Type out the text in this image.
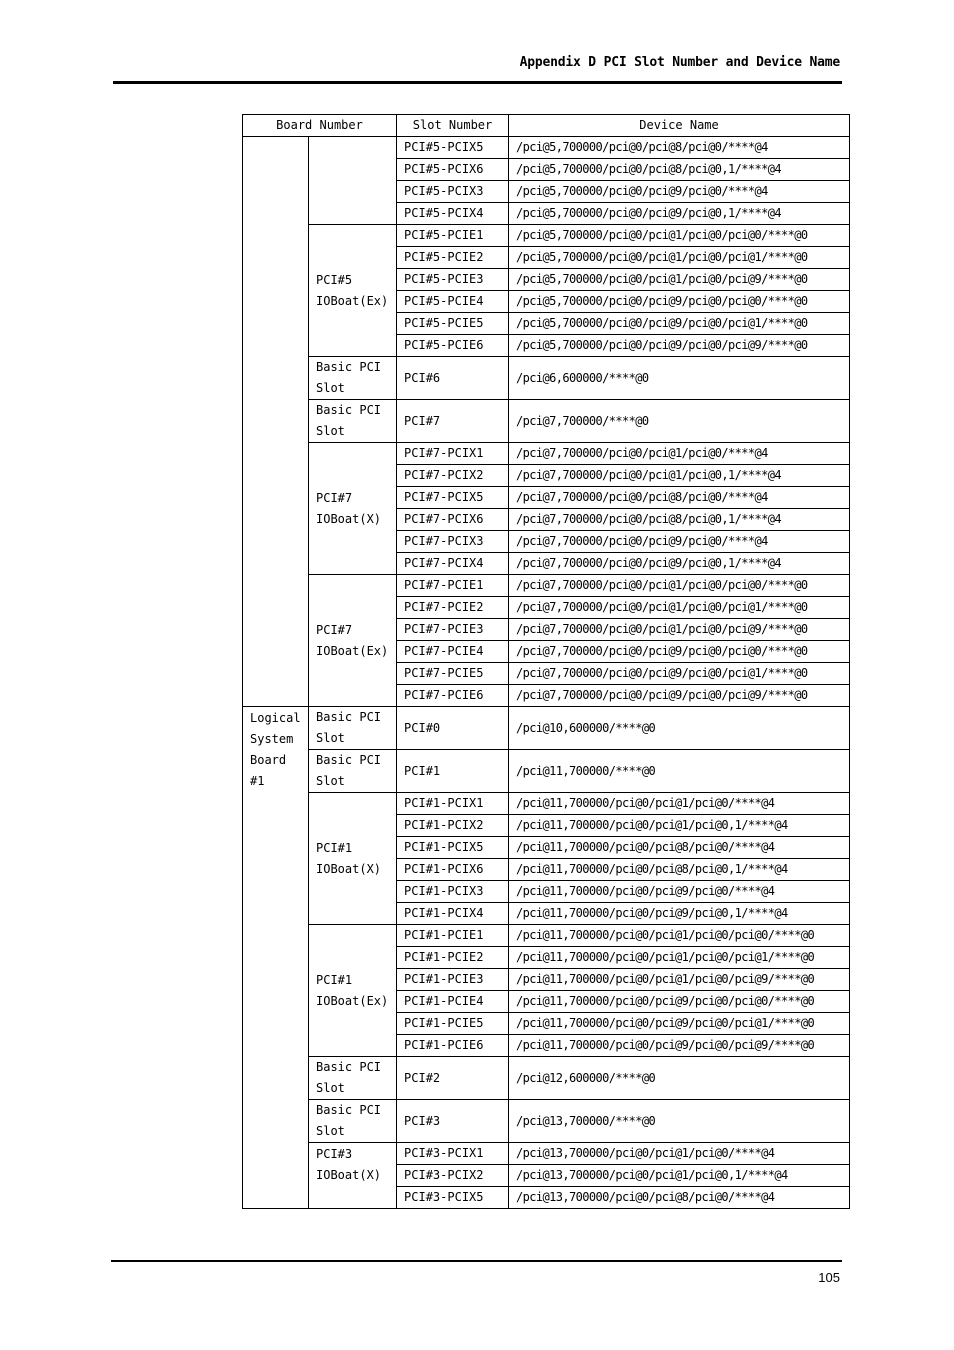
Appendix D PCI Slot Number and Device Name
Board Number		Slot Number	Device Name
		PCI#5-PCIX5	/pci@5,700000/pci@0/pci@8/pci@0/****@4
		PCI#5-PCIX6	/pci@5,700000/pci@0/pci@8/pci@0,1/****@4
		PCI#5-PCIX3	/pci@5,700000/pci@0/pci@9/pci@0/****@4
		PCI#5-PCIX4	/pci@5,700000/pci@0/pci@9/pci@0,1/****@4
	PCI#5 IOBoat(Ex)	PCI#5-PCIE1	/pci@5,700000/pci@0/pci@1/pci@0/pci@0/****@0
		PCI#5-PCIE2	/pci@5,700000/pci@0/pci@1/pci@0/pci@1/****@0
		PCI#5-PCIE3	/pci@5,700000/pci@0/pci@1/pci@0/pci@9/****@0
		PCI#5-PCIE4	/pci@5,700000/pci@0/pci@9/pci@0/pci@0/****@0
		PCI#5-PCIE5	/pci@5,700000/pci@0/pci@9/pci@0/pci@1/****@0
		PCI#5-PCIE6	/pci@5,700000/pci@0/pci@9/pci@0/pci@9/****@0
	Basic PCI Slot	PCI#6	/pci@6,600000/****@0
	Basic PCI Slot	PCI#7	/pci@7,700000/****@0
	PCI#7 IOBoat(X)	PCI#7-PCIX1	/pci@7,700000/pci@0/pci@1/pci@0/****@4
		PCI#7-PCIX2	/pci@7,700000/pci@0/pci@1/pci@0,1/****@4
		PCI#7-PCIX5	/pci@7,700000/pci@0/pci@8/pci@0/****@4
		PCI#7-PCIX6	/pci@7,700000/pci@0/pci@8/pci@0,1/****@4
		PCI#7-PCIX3	/pci@7,700000/pci@0/pci@9/pci@0/****@4
		PCI#7-PCIX4	/pci@7,700000/pci@0/pci@9/pci@0,1/****@4
	PCI#7 IOBoat(Ex)	PCI#7-PCIE1	/pci@7,700000/pci@0/pci@1/pci@0/pci@0/****@0
		PCI#7-PCIE2	/pci@7,700000/pci@0/pci@1/pci@0/pci@1/****@0
		PCI#7-PCIE3	/pci@7,700000/pci@0/pci@1/pci@0/pci@9/****@0
		PCI#7-PCIE4	/pci@7,700000/pci@0/pci@9/pci@0/pci@0/****@0
		PCI#7-PCIE5	/pci@7,700000/pci@0/pci@9/pci@0/pci@1/****@0
		PCI#7-PCIE6	/pci@7,700000/pci@0/pci@9/pci@0/pci@9/****@0
Logical System Board #1	Basic PCI Slot	PCI#0	/pci@10,600000/****@0
	Basic PCI Slot	PCI#1	/pci@11,700000/****@0
	PCI#1 IOBoat(X)	PCI#1-PCIX1	/pci@11,700000/pci@0/pci@1/pci@0/****@4
		PCI#1-PCIX2	/pci@11,700000/pci@0/pci@1/pci@0,1/****@4
		PCI#1-PCIX5	/pci@11,700000/pci@0/pci@8/pci@0/****@4
		PCI#1-PCIX6	/pci@11,700000/pci@0/pci@8/pci@0,1/****@4
		PCI#1-PCIX3	/pci@11,700000/pci@0/pci@9/pci@0/****@4
		PCI#1-PCIX4	/pci@11,700000/pci@0/pci@9/pci@0,1/****@4
	PCI#1 IOBoat(Ex)	PCI#1-PCIE1	/pci@11,700000/pci@0/pci@1/pci@0/pci@0/****@0
		PCI#1-PCIE2	/pci@11,700000/pci@0/pci@1/pci@0/pci@1/****@0
		PCI#1-PCIE3	/pci@11,700000/pci@0/pci@1/pci@0/pci@9/****@0
		PCI#1-PCIE4	/pci@11,700000/pci@0/pci@9/pci@0/pci@0/****@0
		PCI#1-PCIE5	/pci@11,700000/pci@0/pci@9/pci@0/pci@1/****@0
		PCI#1-PCIE6	/pci@11,700000/pci@0/pci@9/pci@0/pci@9/****@0
	Basic PCI Slot	PCI#2	/pci@12,600000/****@0
	Basic PCI Slot	PCI#3	/pci@13,700000/****@0
	PCI#3 IOBoat(X)	PCI#3-PCIX1	/pci@13,700000/pci@0/pci@1/pci@0/****@4
		PCI#3-PCIX2	/pci@13,700000/pci@0/pci@1/pci@0,1/****@4
		PCI#3-PCIX5	/pci@13,700000/pci@0/pci@8/pci@0/****@4
105
